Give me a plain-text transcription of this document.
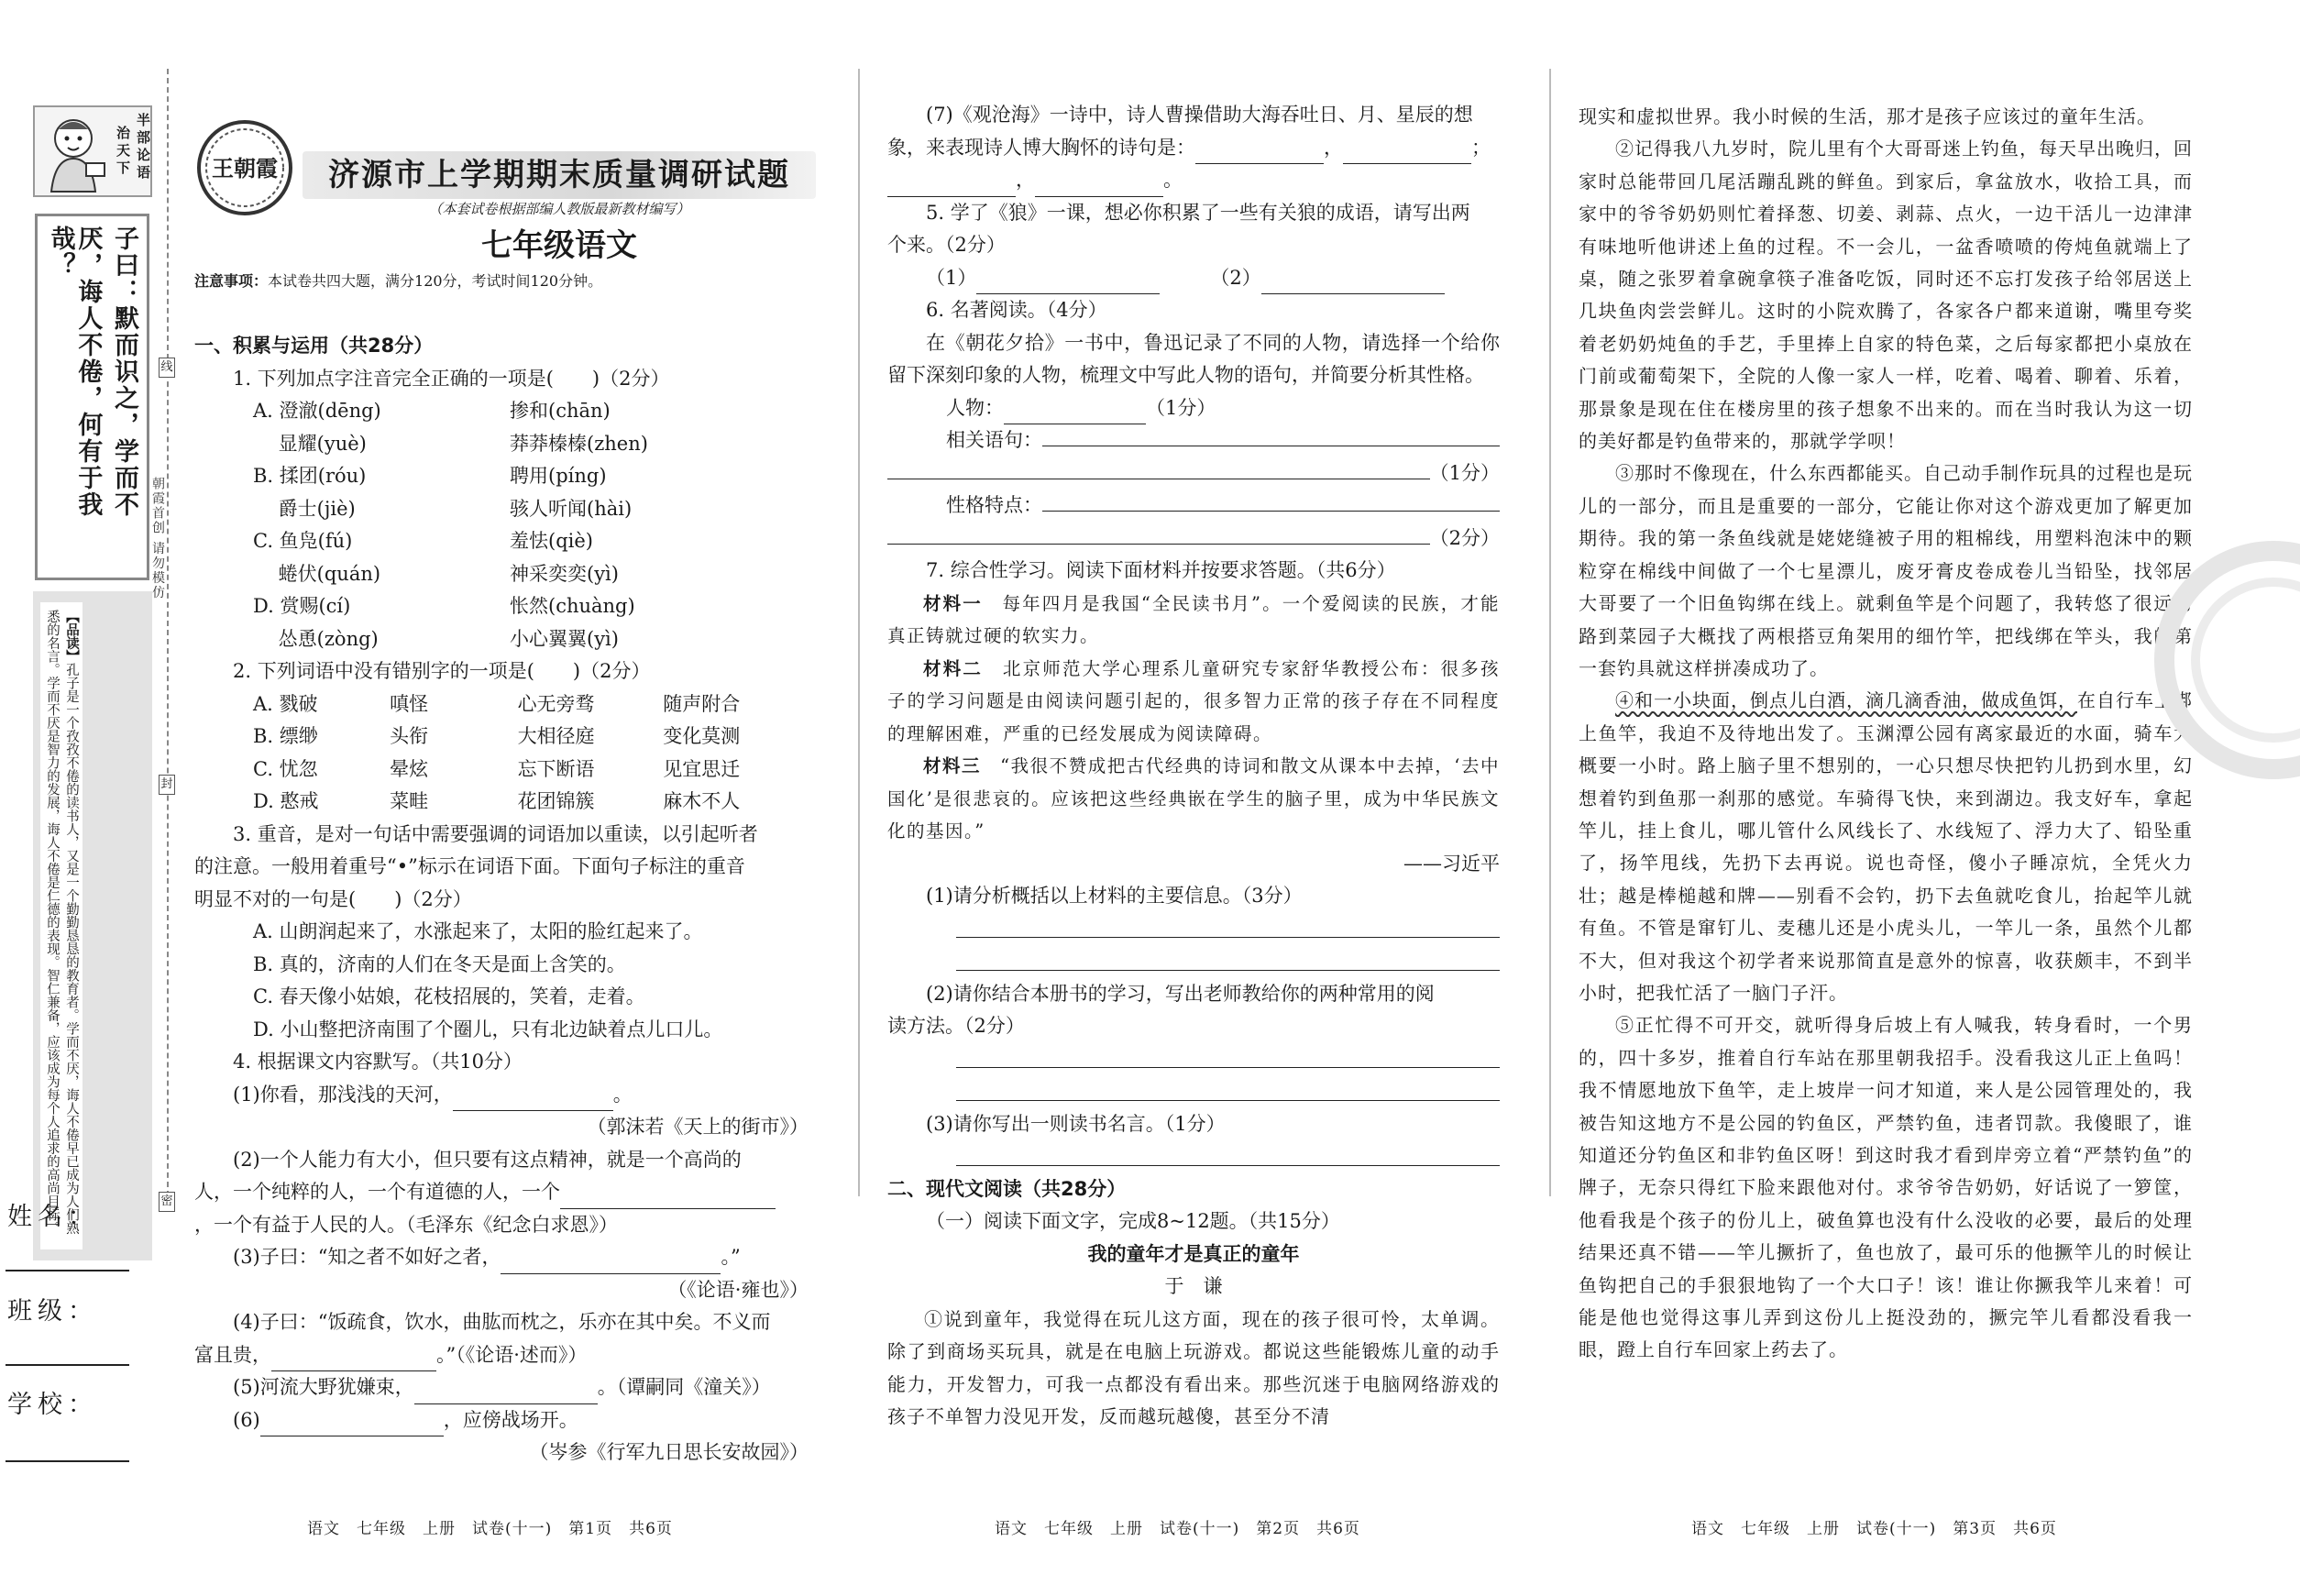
半部论语
治天下
子曰：默而识之，学而不
厌，诲人不倦，何有于我哉？
【品读】孔子是一个孜孜不倦的读书人，又是一个勤勤恳恳的教育者。学而不厌，诲人不倦早已成为人们熟悉的名言。学而不厌是智力的发展，诲人不倦是仁德的表现。智仁兼备，应该成为每个人追求的高尚目标。
姓名：
班级：
学校：
线
封
密
朝霞首创 请勿模仿
王朝霞	济源市上学期期末质量调研试题
（本套试卷根据部编人教版最新教材编写）
七年级语文
注意事项：本试卷共四大题，满分120分，考试时间120分钟。

一、积累与运用（共28分）

1. 下列加点字注音完全正确的一项是(　　)（2分）

A. 澄澈(dēng)	掺和(chān)

　 显耀(yuè)	莽莽榛榛(zhen)

B. 揉团(róu)	聘用(píng)

　 爵士(jiè)	骇人听闻(hài)

C. 鱼凫(fú)	羞怯(qiè)

　 蜷伏(quán)	神采奕奕(yì)

D. 赏赐(cí)	怅然(chuàng)

　 怂恿(zòng)	小心翼翼(yì)

2. 下列词语中没有错别字的一项是(　　)（2分）

A. 戮破	嗔怪	心无旁骛	随声附合

B. 缥缈	头衔	大相径庭	变化莫测

C. 忧忽	晕炫	忘下断语	见宜思迁

D. 憨戒	菜畦	花团锦簇	麻木不人

3. 重音，是对一句话中需要强调的词语加以重读，以引起听者

的注意。一般用着重号“•”标示在词语下面。下面句子标注的重音

明显不对的一句是(　　)（2分）

A. 山朗润起来了，水涨起来了，太阳的脸红起来了。

B. 真的，济南的人们在冬天是面上含笑的。

C. 春天像小姑娘，花枝招展的，笑着，走着。

D. 小山整把济南围了个圈儿，只有北边缺着点儿口儿。

4. 根据课文内容默写。（共10分）

(1)你看，那浅浅的天河，	。

（郭沫若《天上的街市》）

(2)一个人能力有大小，但只要有这点精神，就是一个高尚的

人，一个纯粹的人，一个有道德的人，一个

，一个有益于人民的人。（毛泽东《纪念白求恩》）

(3)子曰：“知之者不如好之者，	。”

（《论语·雍也》）

(4)子曰：“饭疏食，饮水，曲肱而枕之，乐亦在其中矣。不义而

富且贵，	。”（《论语·述而》）

(5)河流大野犹嫌束，	。（谭嗣同《潼关》）

(6)	，应傍战场开。

（岑参《行军九日思长安故园》）

(7)《观沧海》一诗中，诗人曹操借助大海吞吐日、月、星辰的想

象，来表现诗人博大胸怀的诗句是：	，	；

，	。

5. 学了《狼》一课，想必你积累了一些有关狼的成语，请写出两

个来。（2分）

（1）	（2）

6. 名著阅读。（4分）

在《朝花夕拾》一书中，鲁迅记录了不同的人物，请选择一个给你留下深刻印象的人物，梳理文中写此人物的语句，并简要分析其性格。

人物：	（1分）

相关语句：

（1分）

性格特点：

（2分）

7. 综合性学习。阅读下面材料并按要求答题。（共6分）

材料一　 每年四月是我国“全民读书月”。一个爱阅读的民族，才能真正铸就过硬的软实力。

材料二　 北京师范大学心理系儿童研究专家舒华教授公布：很多孩子的学习问题是由阅读问题引起的，很多智力正常的孩子存在不同程度的理解困难，严重的已经发展成为阅读障碍。

材料三　 “我很不赞成把古代经典的诗词和散文从课本中去掉，‘去中国化’是很悲哀的。应该把这些经典嵌在学生的脑子里，成为中华民族文化的基因。”

——习近平

(1)请分析概括以上材料的主要信息。（3分）

(2)请你结合本册书的学习，写出老师教给你的两种常用的阅

读方法。（2分）

(3)请你写出一则读书名言。（1分）

二、现代文阅读（共28分）

（一）阅读下面文字，完成8~12题。（共15分）

我的童年才是真正的童年

于　谦

①说到童年，我觉得在玩儿这方面，现在的孩子很可怜，太单调。除了到商场买玩具，就是在电脑上玩游戏。都说这些能锻炼儿童的动手能力，开发智力，可我一点都没有看出来。那些沉迷于电脑网络游戏的孩子不单智力没见开发，反而越玩越傻，甚至分不清

现实和虚拟世界。我小时候的生活，那才是孩子应该过的童年生活。

②记得我八九岁时，院儿里有个大哥哥迷上钓鱼，每天早出晚归，回家时总能带回几尾活蹦乱跳的鲜鱼。到家后，拿盆放水，收拾工具，而家中的爷爷奶奶则忙着择葱、切姜、剥蒜、点火，一边干活儿一边津津有味地听他讲述上鱼的过程。不一会儿，一盆香喷喷的侉炖鱼就端上了桌，随之张罗着拿碗拿筷子准备吃饭，同时还不忘打发孩子给邻居送上几块鱼肉尝尝鲜儿。这时的小院欢腾了，各家各户都来道谢，嘴里夸奖着老奶奶炖鱼的手艺，手里捧上自家的特色菜，之后每家都把小桌放在门前或葡萄架下，全院的人像一家人一样，吃着、喝着、聊着、乐着，那景象是现在住在楼房里的孩子想象不出来的。而在当时我认为这一切的美好都是钓鱼带来的，那就学学呗！

③那时不像现在，什么东西都能买。自己动手制作玩具的过程也是玩儿的一部分，而且是重要的一部分，它能让你对这个游戏更加了解更加期待。我的第一条鱼线就是姥姥缝被子用的粗棉线，用塑料泡沫中的颗粒穿在棉线中间做了一个七星漂儿，废牙膏皮卷成卷儿当铅坠，找邻居大哥要了一个旧鱼钩绑在线上。就剩鱼竿是个问题了，我转悠了很远的路到菜园子大概找了两根搭豆角架用的细竹竿，把线绑在竿头，我的第一套钓具就这样拼凑成功了。

④和一小块面，倒点儿白酒，滴几滴香油，做成鱼饵，在自行车上绑上鱼竿，我迫不及待地出发了。玉渊潭公园有离家最近的水面，骑车大概要一小时。路上脑子里不想别的，一心只想尽快把钓儿扔到水里，幻想着钓到鱼那一刹那的感觉。车骑得飞快，来到湖边。我支好车，拿起竿儿，挂上食儿，哪儿管什么风线长了、水线短了、浮力大了、铅坠重了，扬竿甩线，先扔下去再说。说也奇怪，傻小子睡凉炕，全凭火力壮；越是棒槌越和牌——别看不会钓，扔下去鱼就吃食儿，抬起竿儿就有鱼。不管是窜钉儿、麦穗儿还是小虎头儿，一竿儿一条，虽然个儿都不大，但对我这个初学者来说那简直是意外的惊喜，收获颇丰，不到半小时，把我忙活了一脑门子汗。

⑤正忙得不可开交，就听得身后坡上有人喊我，转身看时，一个男的，四十多岁，推着自行车站在那里朝我招手。没看我这儿正上鱼吗！我不情愿地放下鱼竿，走上坡岸一问才知道，来人是公园管理处的，我被告知这地方不是公园的钓鱼区，严禁钓鱼，违者罚款。我傻眼了，谁知道还分钓鱼区和非钓鱼区呀！到这时我才看到岸旁立着“严禁钓鱼”的牌子，无奈只得红下脸来跟他对付。求爷爷告奶奶，好话说了一箩筐，他看我是个孩子的份儿上，破鱼算也没有什么没收的必要，最后的处理结果还真不错——竿儿撅折了，鱼也放了，最可乐的他撅竿儿的时候让鱼钩把自己的手狠狠地钩了一个大口子！该！谁让你撅我竿儿来着！可能是他也觉得这事儿弄到这份儿上挺没劲的，撅完竿儿看都没看我一眼，蹬上自行车回家上药去了。

语文　七年级　上册　试卷(十一)　第1页　共6页	语文　七年级　上册　试卷(十一)　第2页　共6页	语文　七年级　上册　试卷(十一)　第3页　共6页
